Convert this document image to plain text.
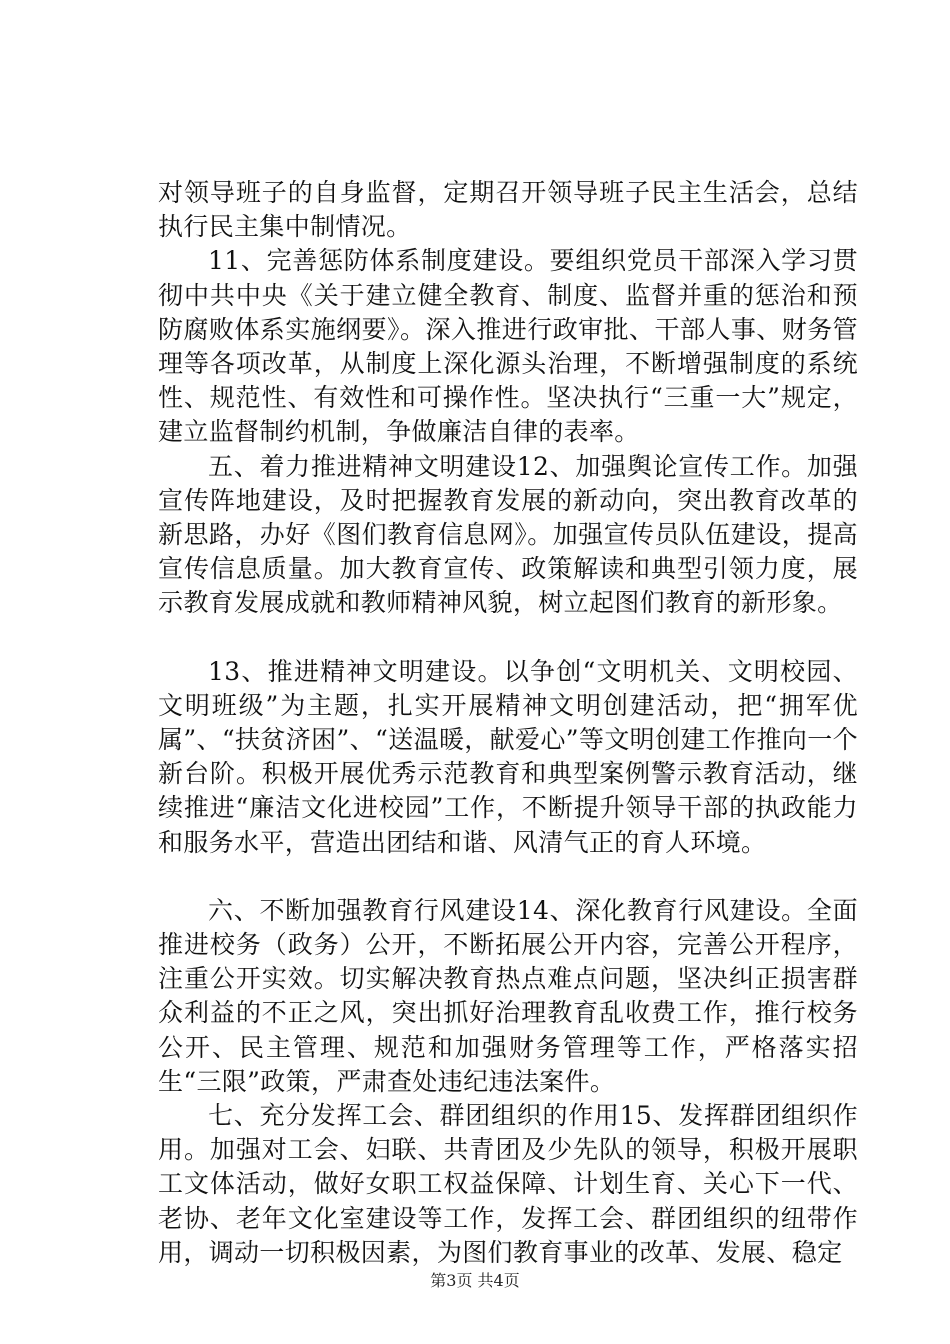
对领导班子的自身监督，定期召开领导班子民主生活会，总结执行民主集中制情况。

11、完善惩防体系制度建设。要组织党员干部深入学习贯彻中共中央《关于建立健全教育、制度、监督并重的惩治和预防腐败体系实施纲要》。深入推进行政审批、干部人事、财务管理等各项改革，从制度上深化源头治理，不断增强制度的系统性、规范性、有效性和可操作性。坚决执行“三重一大”规定，建立监督制约机制，争做廉洁自律的表率。

五、着力推进精神文明建设12、加强舆论宣传工作。加强宣传阵地建设，及时把握教育发展的新动向，突出教育改革的新思路，办好《图们教育信息网》。加强宣传员队伍建设，提高宣传信息质量。加大教育宣传、政策解读和典型引领力度，展示教育发展成就和教师精神风貌，树立起图们教育的新形象。

13、推进精神文明建设。以争创“文明机关、文明校园、文明班级”为主题，扎实开展精神文明创建活动，把“拥军优属”、“扶贫济困”、“送温暖，献爱心”等文明创建工作推向一个新台阶。积极开展优秀示范教育和典型案例警示教育活动，继续推进“廉洁文化进校园”工作，不断提升领导干部的执政能力和服务水平，营造出团结和谐、风清气正的育人环境。

六、不断加强教育行风建设14、深化教育行风建设。全面推进校务（政务）公开，不断拓展公开内容，完善公开程序，注重公开实效。切实解决教育热点难点问题，坚决纠正损害群众利益的不正之风，突出抓好治理教育乱收费工作，推行校务公开、民主管理、规范和加强财务管理等工作，严格落实招生“三限”政策，严肃查处违纪违法案件。

七、充分发挥工会、群团组织的作用15、发挥群团组织作用。加强对工会、妇联、共青团及少先队的领导，积极开展职工文体活动，做好女职工权益保障、计划生育、关心下一代、老协、老年文化室建设等工作，发挥工会、群团组织的纽带作用，调动一切积极因素，为图们教育事业的改革、发展、稳定

第3页 共4页
